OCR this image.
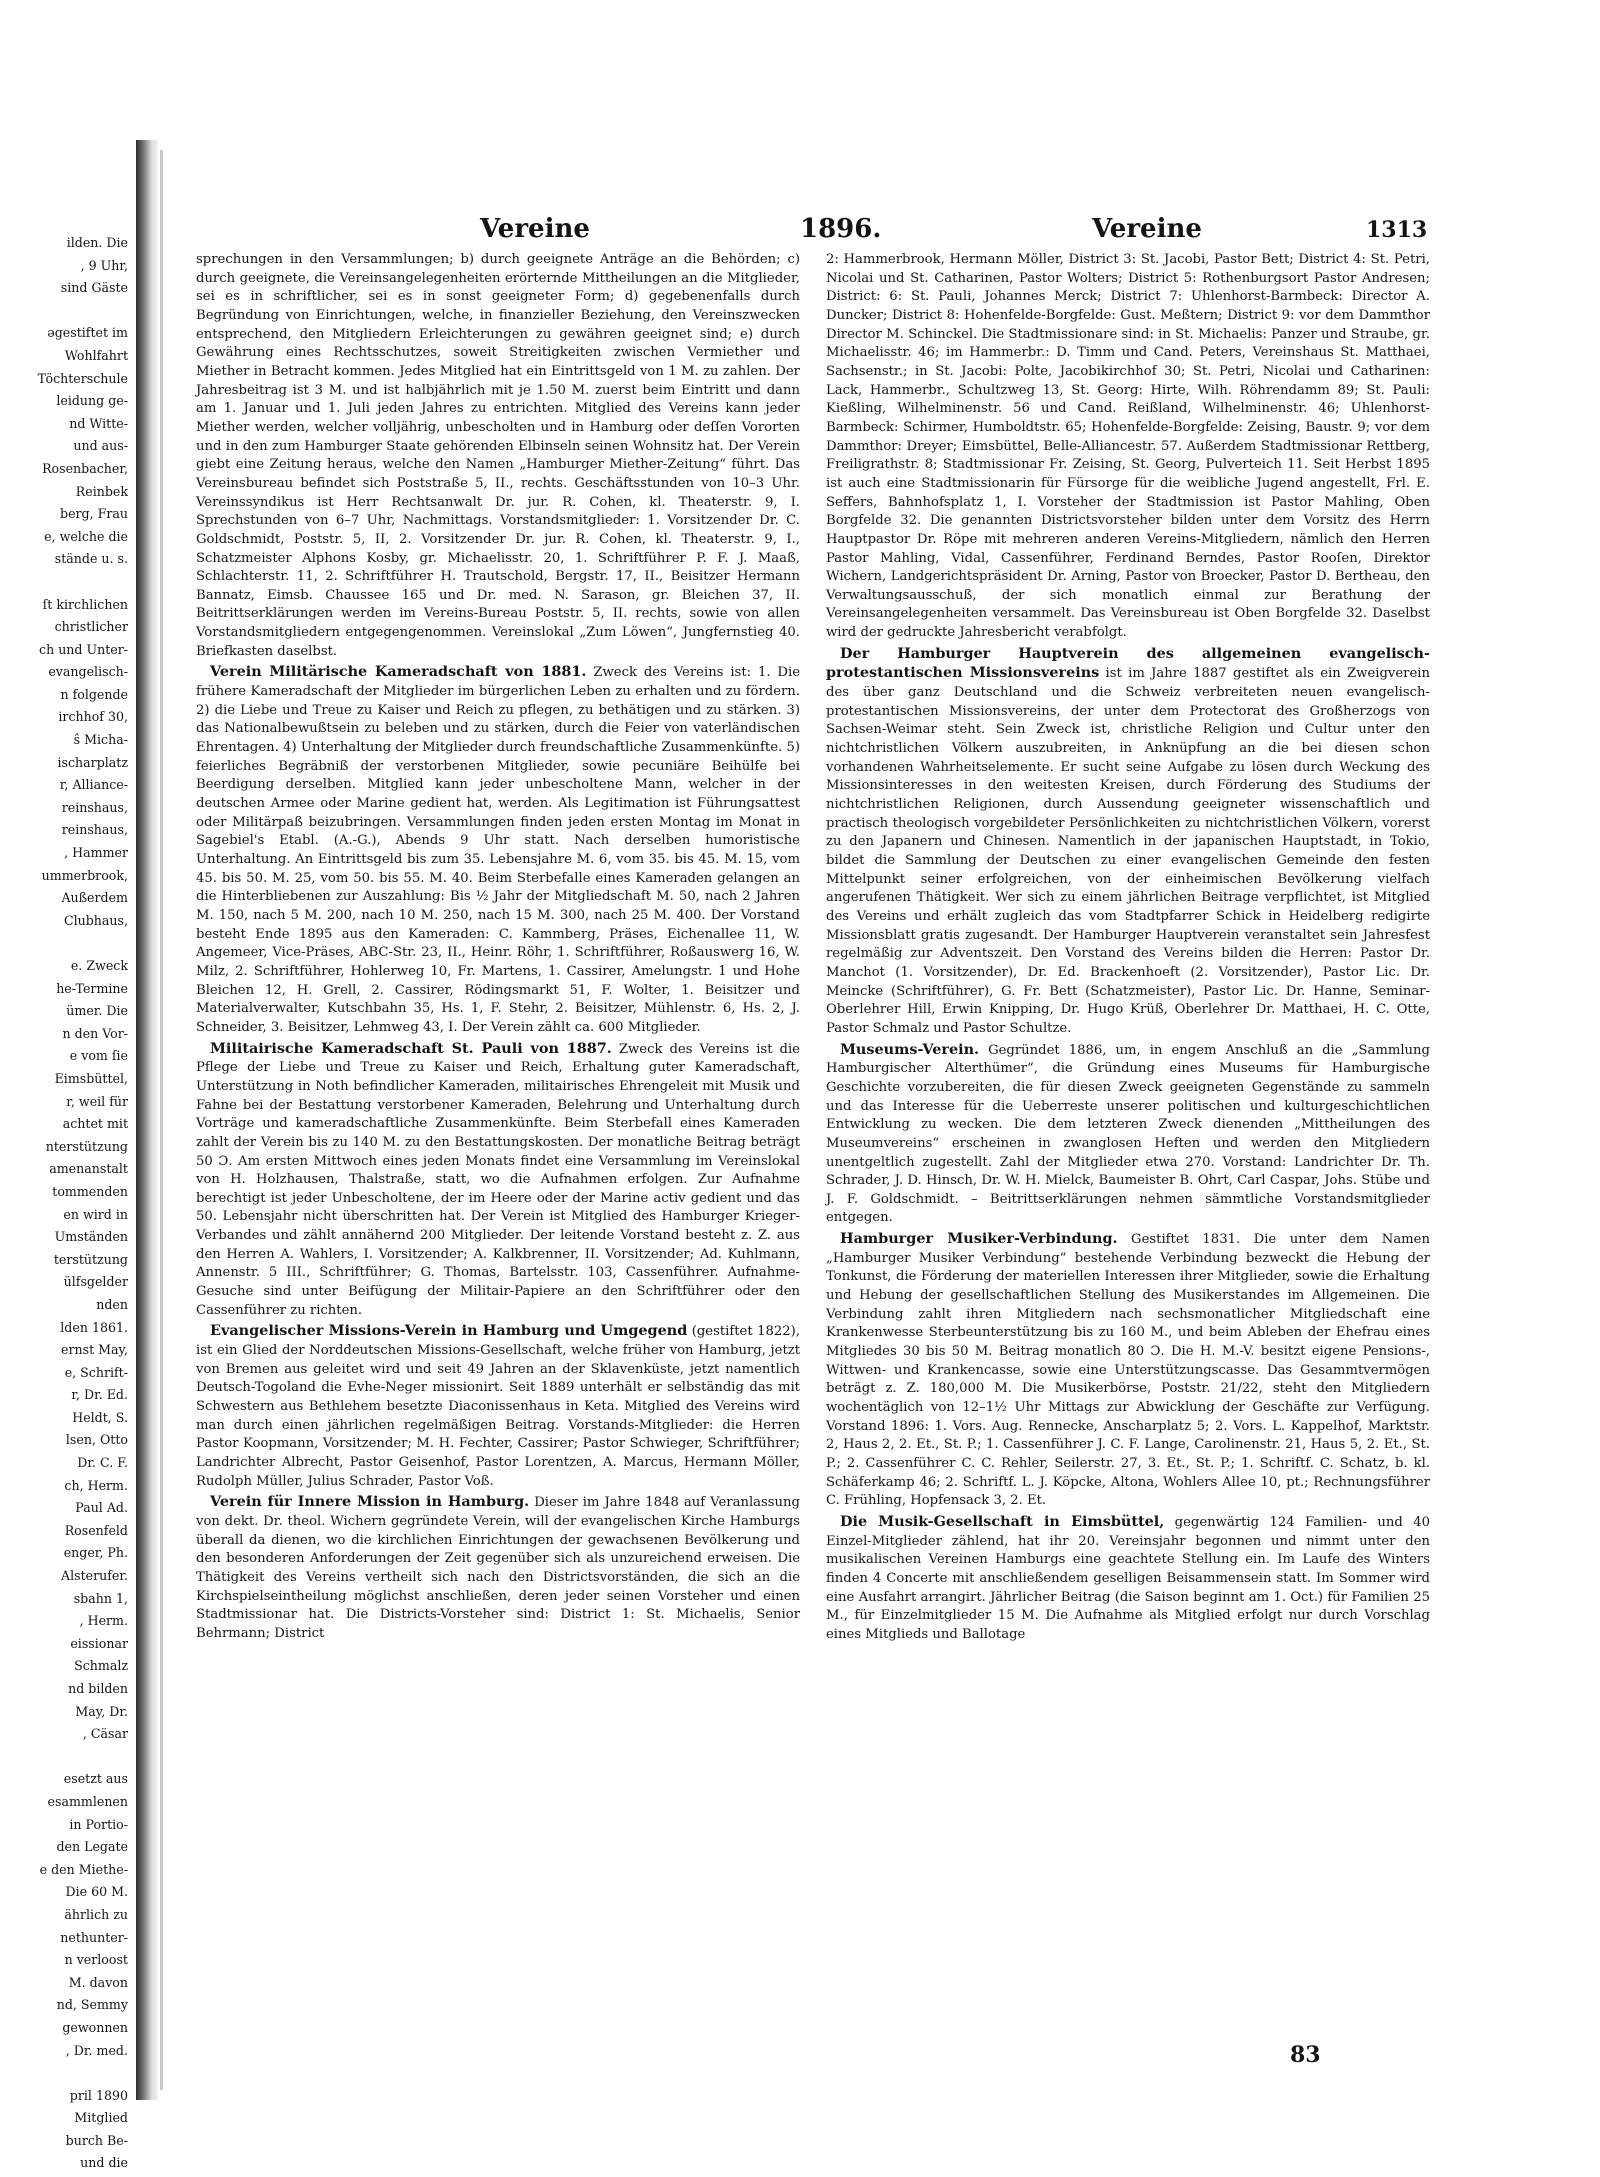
ilden. Die
, 9 Uhr,
sind Gäste

ǝgestiftet im
Wohlfahrt
Töchterschule
leidung ge-
nd Witte-
und aus-
Rosenbacher,
Reinbek
berg, Frau
e, welche die
stände u. s.

ſt kirchlichen
christlicher
ch und Unter-
evangelisch-
n folgende
irchhof 30,
ŝ Micha-
ischarplatz
r, Alliance-
reinshaus,
reinshaus,
, Hammer
ummerbrook,
Außerdem
Clubhaus,

e. Zweck
he-Termine
ümer. Die
n den Vor-
e vom ſie
Eimsbüttel,
r, weil für
achtet mit
nterstützung
amenanstalt
tommenden
en wird in
Umständen
terstützung
ülfsgelder
nden
lden 1861.
ernst May,
e, Schrift-
r, Dr. Ed.
Heldt, S.
lsen, Otto
Dr. C. F.
ch, Herm.
Paul Ad.
Rosenfeld
enger, Ph.
Alsterufer.
sbahn 1,
, Herm.
eissionar
Schmalz
nd bilden
May, Dr.
, Cäsar

esetzt aus
esammlenen
in Portio-
den Legate
e den Miethe-
Die 60 M.
ährlich zu
nethunter-
n verloost
M. davon
nd, Semmy
gewonnen
, Dr. med.

pril 1890
Mitglied
burch Be-
und die
Vereine	1896.	Vereine	1313

sprechungen in den Versammlungen; b) durch geeignete Anträge an die Behörden; c) durch geeignete, die Vereinsangelegenheiten erörternde Mittheilungen an die Mitglieder, sei es in schriftlicher, sei es in sonst geeigneter Form; d) gegebenenfalls durch Begründung von Einrichtungen, welche, in finanzieller Beziehung, den Vereinszwecken entsprechend, den Mitgliedern Erleichterungen zu gewähren geeignet sind; e) durch Gewährung eines Rechtsschutzes, soweit Streitigkeiten zwischen Vermiether und Miether in Betracht kommen. Jedes Mitglied hat ein Eintrittsgeld von 1 M. zu zahlen. Der Jahresbeitrag ist 3 M. und ist halbjährlich mit je 1.50 M. zuerst beim Eintritt und dann am 1. Januar und 1. Juli jeden Jahres zu entrichten. Mitglied des Vereins kann jeder Miether werden, welcher volljährig, unbescholten und in Hamburg oder deſſen Vororten und in den zum Hamburger Staate gehörenden Elbinseln seinen Wohnsitz hat. Der Verein giebt eine Zeitung heraus, welche den Namen „Hamburger Miether-Zeitung“ führt. Das Vereinsbureau befindet sich Poststraße 5, II., rechts. Geschäftsstunden von 10–3 Uhr. Vereinssyndikus ist Herr Rechtsanwalt Dr. jur. R. Cohen, kl. Theaterstr. 9, I. Sprechstunden von 6–7 Uhr, Nachmittags. Vorstandsmitglieder: 1. Vorsitzender Dr. C. Goldschmidt, Poststr. 5, II, 2. Vorsitzender Dr. jur. R. Cohen, kl. Theaterstr. 9, I., Schatzmeister Alphons Kosby, gr. Michaelisstr. 20, 1. Schriftführer P. F. J. Maaß, Schlachterstr. 11, 2. Schriftführer H. Trautschold, Bergstr. 17, II., Beisitzer Hermann Bannatz, Eimsb. Chaussee 165 und Dr. med. N. Sarason, gr. Bleichen 37, II. Beitrittserklärungen werden im Vereins-Bureau Poststr. 5, II. rechts, sowie von allen Vorstandsmitgliedern entgegengenommen. Vereinslokal „Zum Löwen“, Jungfernstieg 40. Briefkasten daselbst.

Verein Militärische Kameradschaft von 1881. Zweck des Vereins ist: 1. Die frühere Kameradschaft der Mitglieder im bürgerlichen Leben zu erhalten und zu fördern. 2) die Liebe und Treue zu Kaiser und Reich zu pflegen, zu bethätigen und zu stärken. 3) das Nationalbewußtsein zu beleben und zu stärken, durch die Feier von vaterländischen Ehrentagen. 4) Unterhaltung der Mitglieder durch freundschaftliche Zusammenkünfte. 5) feierliches Begräbniß der verstorbenen Mitglieder, sowie pecuniäre Beihülfe bei Beerdigung derselben. Mitglied kann jeder unbescholtene Mann, welcher in der deutschen Armee oder Marine gedient hat, werden. Als Legitimation ist Führungsattest oder Militärpaß beizubringen. Versammlungen finden jeden ersten Montag im Monat in Sagebiel's Etabl. (A.-G.), Abends 9 Uhr statt. Nach derselben humoristische Unterhaltung. An Eintrittsgeld bis zum 35. Lebensjahre M. 6, vom 35. bis 45. M. 15, vom 45. bis 50. M. 25, vom 50. bis 55. M. 40. Beim Sterbefalle eines Kameraden gelangen an die Hinterbliebenen zur Auszahlung: Bis ½ Jahr der Mitgliedschaft M. 50, nach 2 Jahren M. 150, nach 5 M. 200, nach 10 M. 250, nach 15 M. 300, nach 25 M. 400. Der Vorstand besteht Ende 1895 aus den Kameraden: C. Kammberg, Präses, Eichenallee 11, W. Angemeer, Vice-Präses, ABC-Str. 23, II., Heinr. Röhr, 1. Schriftführer, Roßauswerg 16, W. Milz, 2. Schriftführer, Hohlerweg 10, Fr. Martens, 1. Cassirer, Amelungstr. 1 und Hohe Bleichen 12, H. Grell, 2. Cassirer, Rödingsmarkt 51, F. Wolter, 1. Beisitzer und Materialverwalter, Kutschbahn 35, Hs. 1, F. Stehr, 2. Beisitzer, Mühlenstr. 6, Hs. 2, J. Schneider, 3. Beisitzer, Lehmweg 43, I. Der Verein zählt ca. 600 Mitglieder.

Militairische Kameradschaft St. Pauli von 1887. Zweck des Vereins ist die Pflege der Liebe und Treue zu Kaiser und Reich, Erhaltung guter Kameradschaft, Unterstützung in Noth befindlicher Kameraden, militairisches Ehrengeleit mit Musik und Fahne bei der Bestattung verstorbener Kameraden, Belehrung und Unterhaltung durch Vorträge und kameradschaftliche Zusammenkünfte. Beim Sterbefall eines Kameraden zahlt der Verein bis zu 140 M. zu den Bestattungskosten. Der monatliche Beitrag beträgt 50 Ɔ. Am ersten Mittwoch eines jeden Monats findet eine Versammlung im Vereinslokal von H. Holzhausen, Thalstraße, statt, wo die Aufnahmen erfolgen. Zur Aufnahme berechtigt ist jeder Unbescholtene, der im Heere oder der Marine activ gedient und das 50. Lebensjahr nicht überschritten hat. Der Verein ist Mitglied des Hamburger Krieger-Verbandes und zählt annähernd 200 Mitglieder. Der leitende Vorstand besteht z. Z. aus den Herren A. Wahlers, I. Vorsitzender; A. Kalkbrenner, II. Vorsitzender; Ad. Kuhlmann, Annenstr. 5 III., Schriftführer; G. Thomas, Bartelsstr. 103, Cassenführer. Aufnahme-Gesuche sind unter Beifügung der Militair-Papiere an den Schriftführer oder den Cassenführer zu richten.

Evangelischer Missions-Verein in Hamburg und Umgegend (gestiftet 1822), ist ein Glied der Norddeutschen Missions-Gesellschaft, welche früher von Hamburg, jetzt von Bremen aus geleitet wird und seit 49 Jahren an der Sklavenküste, jetzt namentlich Deutsch-Togoland die Evhe-Neger missionirt. Seit 1889 unterhält er selbständig das mit Schwestern aus Bethlehem besetzte Diaconissenhaus in Keta. Mitglied des Vereins wird man durch einen jährlichen regelmäßigen Beitrag. Vorstands-Mitglieder: die Herren Pastor Koopmann, Vorsitzender; M. H. Fechter, Cassirer; Pastor Schwieger, Schriftführer; Landrichter Albrecht, Pastor Geisenhof, Pastor Lorentzen, A. Marcus, Hermann Möller, Rudolph Müller, Julius Schrader, Pastor Voß.

Verein für Innere Mission in Hamburg. Dieser im Jahre 1848 auf Veranlassung von dekt. Dr. theol. Wichern gegründete Verein, will der evangelischen Kirche Hamburgs überall da dienen, wo die kirchlichen Einrichtungen der gewachsenen Bevölkerung und den besonderen Anforderungen der Zeit gegenüber sich als unzureichend erweisen. Die Thätigkeit des Vereins vertheilt sich nach den Districtsvorständen, die sich an die Kirchspielseintheilung möglichst anschließen, deren jeder seinen Vorsteher und einen Stadtmissionar hat. Die Districts-Vorsteher sind: District 1: St. Michaelis, Senior Behrmann; District

2: Hammerbrook, Hermann Möller, District 3: St. Jacobi, Pastor Bett; District 4: St. Petri, Nicolai und St. Catharinen, Pastor Wolters; District 5: Rothenburgsort Pastor Andresen; District: 6: St. Pauli, Johannes Merck; District 7: Uhlenhorst-Barmbeck: Director A. Duncker; District 8: Hohenfelde-Borgfelde: Gust. Meßtern; District 9: vor dem Dammthor Director M. Schinckel. Die Stadtmissionare sind: in St. Michaelis: Panzer und Straube, gr. Michaelisstr. 46; im Hammerbr.: D. Timm und Cand. Peters, Vereinshaus St. Matthaei, Sachsenstr.; in St. Jacobi: Polte, Jacobikirchhof 30; St. Petri, Nicolai und Catharinen: Lack, Hammerbr., Schultzweg 13, St. Georg: Hirte, Wilh. Röhrendamm 89; St. Pauli: Kießling, Wilhelminenstr. 56 und Cand. Reißland, Wilhelminenstr. 46; Uhlenhorst-Barmbeck: Schirmer, Humboldtstr. 65; Hohenfelde-Borgfelde: Zeising, Baustr. 9; vor dem Dammthor: Dreyer; Eimsbüttel, Belle-Alliancestr. 57. Außerdem Stadtmissionar Rettberg, Freiligrathstr. 8; Stadtmissionar Fr. Zeising, St. Georg, Pulverteich 11. Seit Herbst 1895 ist auch eine Stadtmissionarin für Fürsorge für die weibliche Jugend angestellt, Frl. E. Seffers, Bahnhofsplatz 1, I. Vorsteher der Stadtmission ist Pastor Mahling, Oben Borgfelde 32. Die genannten Districtsvorsteher bilden unter dem Vorsitz des Herrn Hauptpastor Dr. Röpe mit mehreren anderen Vereins-Mitgliedern, nämlich den Herren Pastor Mahling, Vidal, Cassenführer, Ferdinand Berndes, Pastor Rooſen, Direktor Wichern, Landgerichtspräsident Dr. Arning, Pastor von Broecker, Pastor D. Bertheau, den Verwaltungsausschuß, der sich monatlich einmal zur Berathung der Vereinsangelegenheiten versammelt. Das Vereinsbureau ist Oben Borgfelde 32. Daselbst wird der gedruckte Jahresbericht verabfolgt.

Der Hamburger Hauptverein des allgemeinen evangelisch-protestantischen Missionsvereins ist im Jahre 1887 gestiftet als ein Zweigverein des über ganz Deutschland und die Schweiz verbreiteten neuen evangelisch-protestantischen Missionsvereins, der unter dem Protectorat des Großherzogs von Sachsen-Weimar steht. Sein Zweck ist, christliche Religion und Cultur unter den nichtchristlichen Völkern auszubreiten, in Anknüpfung an die bei diesen schon vorhandenen Wahrheitselemente. Er sucht seine Aufgabe zu lösen durch Weckung des Missionsinteresses in den weitesten Kreisen, durch Förderung des Studiums der nichtchristlichen Religionen, durch Aussendung geeigneter wissenschaftlich und practisch theologisch vorgebildeter Persönlichkeiten zu nichtchristlichen Völkern, vorerst zu den Japanern und Chinesen. Namentlich in der japanischen Hauptstadt, in Tokio, bildet die Sammlung der Deutschen zu einer evangelischen Gemeinde den festen Mittelpunkt seiner erfolgreichen, von der einheimischen Bevölkerung vielfach angerufenen Thätigkeit. Wer sich zu einem jährlichen Beitrage verpflichtet, ist Mitglied des Vereins und erhält zugleich das vom Stadtpfarrer Schick in Heidelberg redigirte Missionsblatt gratis zugesandt. Der Hamburger Hauptverein veranstaltet sein Jahresfest regelmäßig zur Adventszeit. Den Vorstand des Vereins bilden die Herren: Pastor Dr. Manchot (1. Vorsitzender), Dr. Ed. Brackenhoeft (2. Vorsitzender), Pastor Lic. Dr. Meincke (Schriftführer), G. Fr. Bett (Schatzmeister), Pastor Lic. Dr. Hanne, Seminar-Oberlehrer Hill, Erwin Knipping, Dr. Hugo Krüß, Oberlehrer Dr. Matthaei, H. C. Otte, Pastor Schmalz und Pastor Schultze.

Museums-Verein. Gegründet 1886, um, in engem Anschluß an die „Sammlung Hamburgischer Alterthümer“, die Gründung eines Museums für Hamburgische Geschichte vorzubereiten, die für diesen Zweck geeigneten Gegenstände zu sammeln und das Interesse für die Ueberreste unserer politischen und kulturgeschichtlichen Entwicklung zu wecken. Die dem letzteren Zweck dienenden „Mittheilungen des Museumvereins“ erscheinen in zwanglosen Heften und werden den Mitgliedern unentgeltlich zugestellt. Zahl der Mitglieder etwa 270. Vorstand: Landrichter Dr. Th. Schrader, J. D. Hinsch, Dr. W. H. Mielck, Baumeister B. Ohrt, Carl Caspar, Johs. Stübe und J. F. Goldschmidt. – Beitrittserklärungen nehmen sämmtliche Vorstandsmitglieder entgegen.

Hamburger Musiker-Verbindung. Gestiftet 1831. Die unter dem Namen „Hamburger Musiker Verbindung“ bestehende Verbindung bezweckt die Hebung der Tonkunst, die Förderung der materiellen Interessen ihrer Mitglieder, sowie die Erhaltung und Hebung der gesellschaftlichen Stellung des Musikerstandes im Allgemeinen. Die Verbindung zahlt ihren Mitgliedern nach sechsmonatlicher Mitgliedschaft eine Krankenwesse Sterbeunterstützung bis zu 160 M., und beim Ableben der Ehefrau eines Mitgliedes 30 bis 50 M. Beitrag monatlich 80 Ɔ. Die H. M.-V. besitzt eigene Pensions-, Wittwen- und Krankencasse, sowie eine Unterstützungscasse. Das Gesammtvermögen beträgt z. Z. 180,000 M. Die Musikerbörse, Poststr. 21/22, steht den Mitgliedern wochentäglich von 12–1½ Uhr Mittags zur Abwicklung der Geschäfte zur Verfügung. Vorstand 1896: 1. Vors. Aug. Rennecke, Anscharplatz 5; 2. Vors. L. Kappelhof, Marktstr. 2, Haus 2, 2. Et., St. P.; 1. Cassenführer J. C. F. Lange, Carolinenstr. 21, Haus 5, 2. Et., St. P.; 2. Cassenführer C. C. Rehler, Seilerstr. 27, 3. Et., St. P.; 1. Schriftf. C. Schatz, b. kl. Schäferkamp 46; 2. Schriftf. L. J. Köpcke, Altona, Wohlers Allee 10, pt.; Rechnungsführer C. Frühling, Hopfensack 3, 2. Et.

Die Musik-Gesellschaft in Eimsbüttel, gegenwärtig 124 Familien- und 40 Einzel-Mitglieder zählend, hat ihr 20. Vereinsjahr begonnen und nimmt unter den musikalischen Vereinen Hamburgs eine geachtete Stellung ein. Im Laufe des Winters finden 4 Concerte mit anschließendem geselligen Beisammensein statt. Im Sommer wird eine Ausfahrt arrangirt. Jährlicher Beitrag (die Saison beginnt am 1. Oct.) für Familien 25 M., für Einzelmitglieder 15 M. Die Aufnahme als Mitglied erfolgt nur durch Vorschlag eines Mitglieds und Ballotage

83
